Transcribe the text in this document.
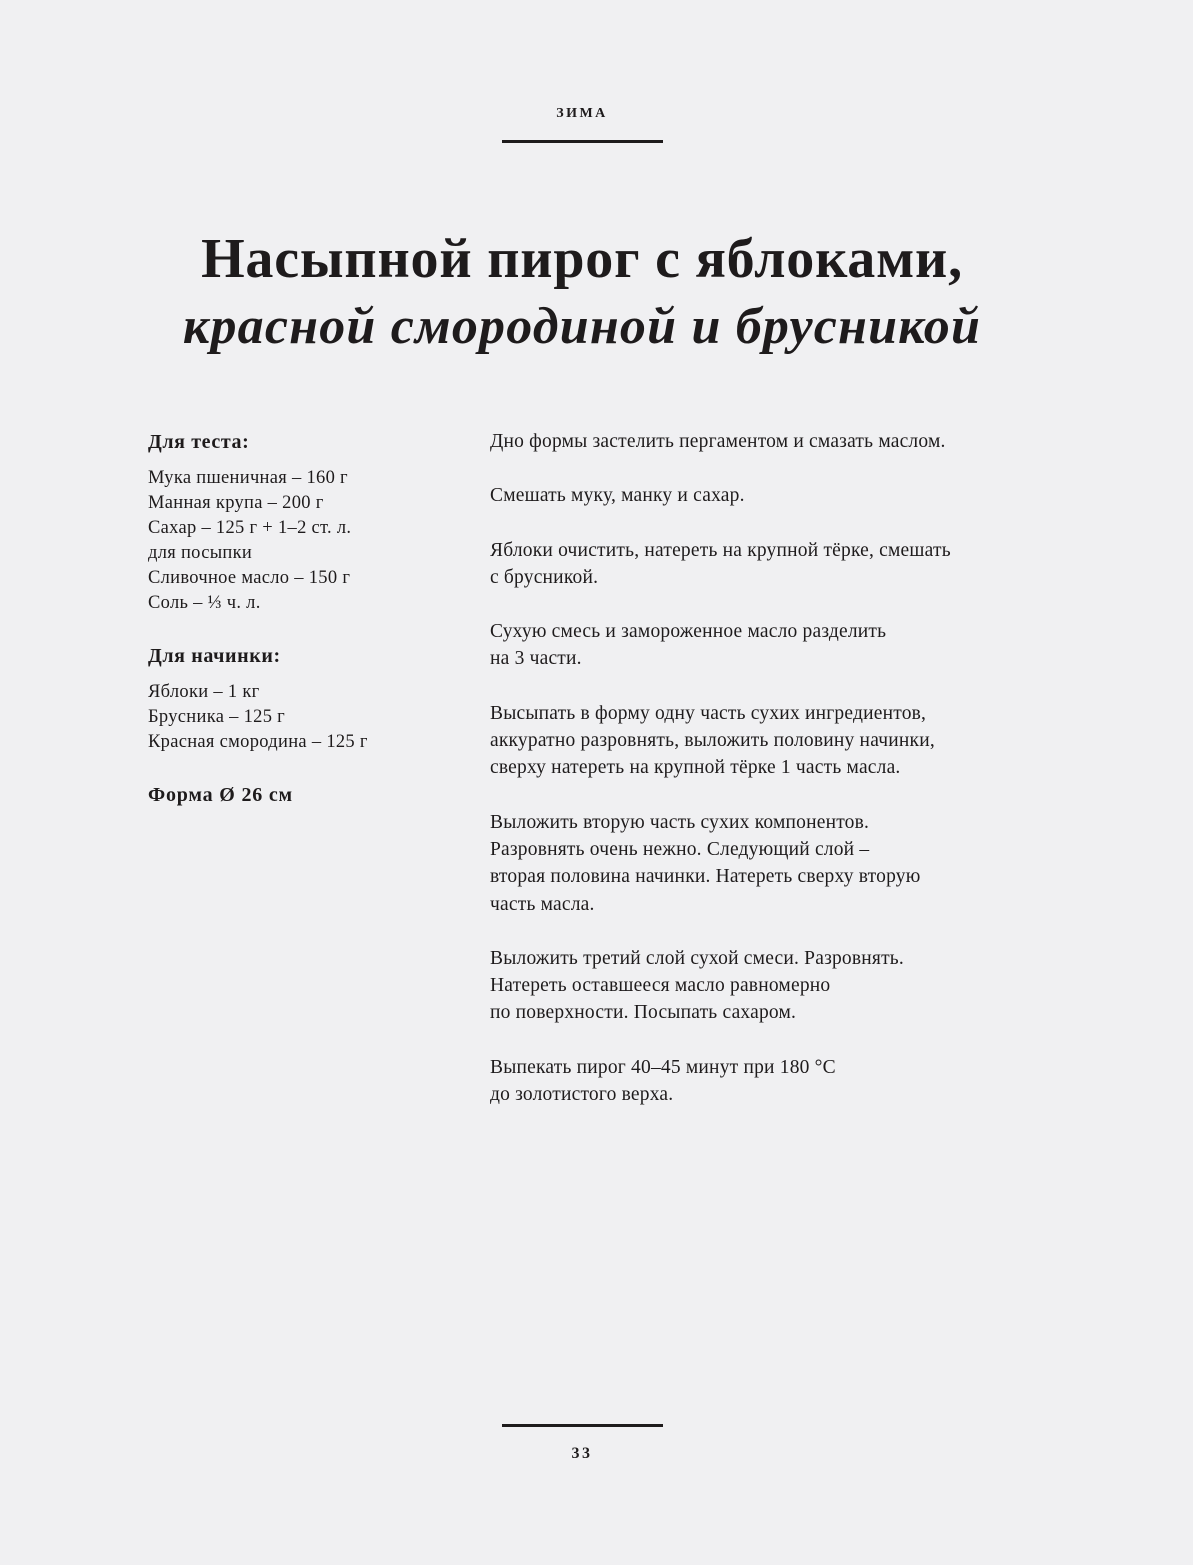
ЗИМА
Насыпной пирог с яблоками,
красной смородиной и брусникой
Для теста:
Мука пшеничная – 160 г
Манная крупа – 200 г
Сахар – 125 г + 1–2 ст. л.
для посыпки
Сливочное масло – 150 г
Соль – ⅓ ч. л.
Для начинки:
Яблоки – 1 кг
Брусника – 125 г
Красная смородина – 125 г
Форма Ø 26 см

Дно формы застелить пергаментом и смазать маслом.

Смешать муку, манку и сахар.

Яблоки очистить, натереть на крупной тёрке, смешать
с брусникой.

Сухую смесь и замороженное масло разделить
на 3 части.

Высыпать в форму одну часть сухих ингредиентов,
аккуратно разровнять, выложить половину начинки,
сверху натереть на крупной тёрке 1 часть масла.

Выложить вторую часть сухих компонентов.
Разровнять очень нежно. Следующий слой –
вторая половина начинки. Натереть сверху вторую
часть масла.

Выложить третий слой сухой смеси. Разровнять.
Натереть оставшееся масло равномерно
по поверхности. Посыпать сахаром.

Выпекать пирог 40–45 минут при 180 °C
до золотистого верха.

33
